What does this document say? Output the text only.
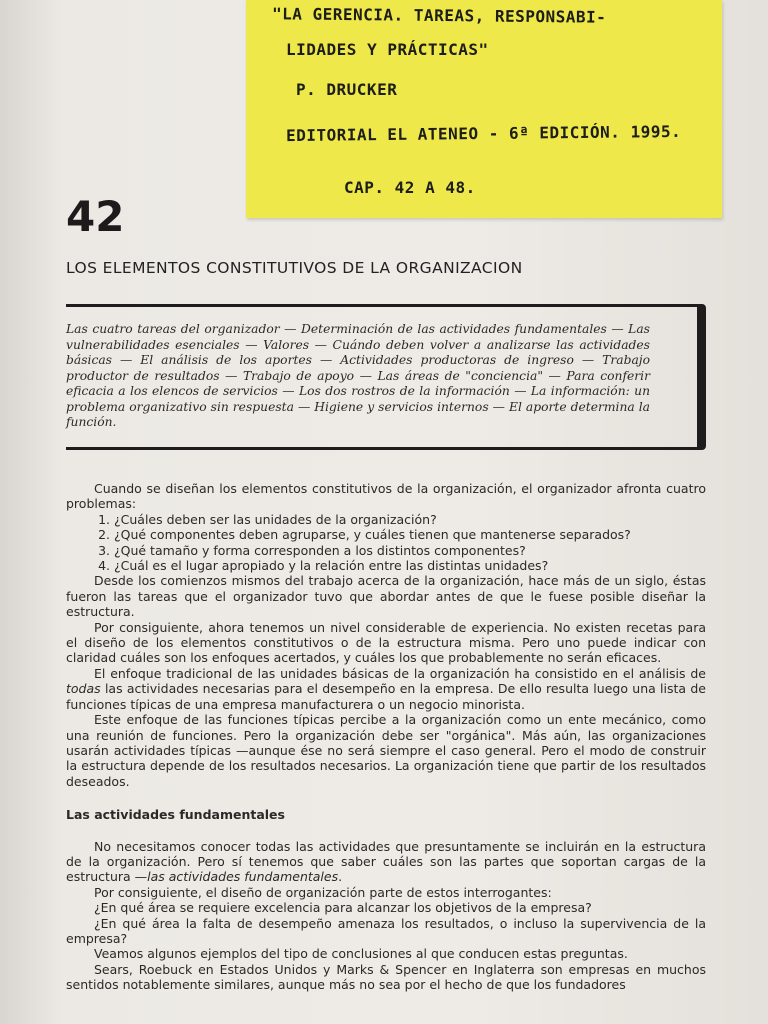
"LA GERENCIA. TAREAS, RESPONSABI-
LIDADES Y PRÁCTICAS"
P. DRUCKER
EDITORIAL EL ATENEO - 6ª EDICIÓN. 1995.
CAP. 42 A 48.
42
LOS ELEMENTOS CONSTITUTIVOS DE LA ORGANIZACION
Las cuatro tareas del organizador — Determinación de las actividades fundamentales — Las vulnerabilidades esenciales — Valores — Cuándo deben volver a analizarse las actividades básicas — El análisis de los aportes — Actividades productoras de ingreso — Trabajo productor de resultados — Trabajo de apoyo — Las áreas de "conciencia" — Para conferir eficacia a los elencos de servicios — Los dos rostros de la información — La información: un problema organizativo sin respuesta — Higiene y servicios internos — El aporte determina la función.

Cuando se diseñan los elementos constitutivos de la organización, el organizador afronta cuatro problemas:

1. ¿Cuáles deben ser las unidades de la organización?
2. ¿Qué componentes deben agruparse, y cuáles tienen que mantenerse separados?
3. ¿Qué tamaño y forma corresponden a los distintos componentes?
4. ¿Cuál es el lugar apropiado y la relación entre las distintas unidades?

Desde los comienzos mismos del trabajo acerca de la organización, hace más de un siglo, éstas fueron las tareas que el organizador tuvo que abordar antes de que le fuese posible diseñar la estructura.

Por consiguiente, ahora tenemos un nivel considerable de experiencia. No existen recetas para el diseño de los elementos constitutivos o de la estructura misma. Pero uno puede indicar con claridad cuáles son los enfoques acertados, y cuáles los que probablemente no serán eficaces.

El enfoque tradicional de las unidades básicas de la organización ha consistido en el análisis de todas las actividades necesarias para el desempeño en la empresa. De ello resulta luego una lista de funciones típicas de una empresa manufacturera o un negocio minorista.

Este enfoque de las funciones típicas percibe a la organización como un ente mecánico, como una reunión de funciones. Pero la organización debe ser "orgánica". Más aún, las organizaciones usarán actividades típicas —aunque ése no será siempre el caso general. Pero el modo de construir la estructura depende de los resultados necesarios. La organización tiene que partir de los resultados deseados.

Las actividades fundamentales

No necesitamos conocer todas las actividades que presuntamente se incluirán en la estructura de la organización. Pero sí tenemos que saber cuáles son las partes que soportan cargas de la estructura —las actividades fundamentales.

Por consiguiente, el diseño de organización parte de estos interrogantes:

¿En qué área se requiere excelencia para alcanzar los objetivos de la empresa?

¿En qué área la falta de desempeño amenaza los resultados, o incluso la supervivencia de la empresa?

Veamos algunos ejemplos del tipo de conclusiones al que conducen estas preguntas.

Sears, Roebuck en Estados Unidos y Marks & Spencer en Inglaterra son empresas en muchos sentidos notablemente similares, aunque más no sea por el hecho de que los fundadores
